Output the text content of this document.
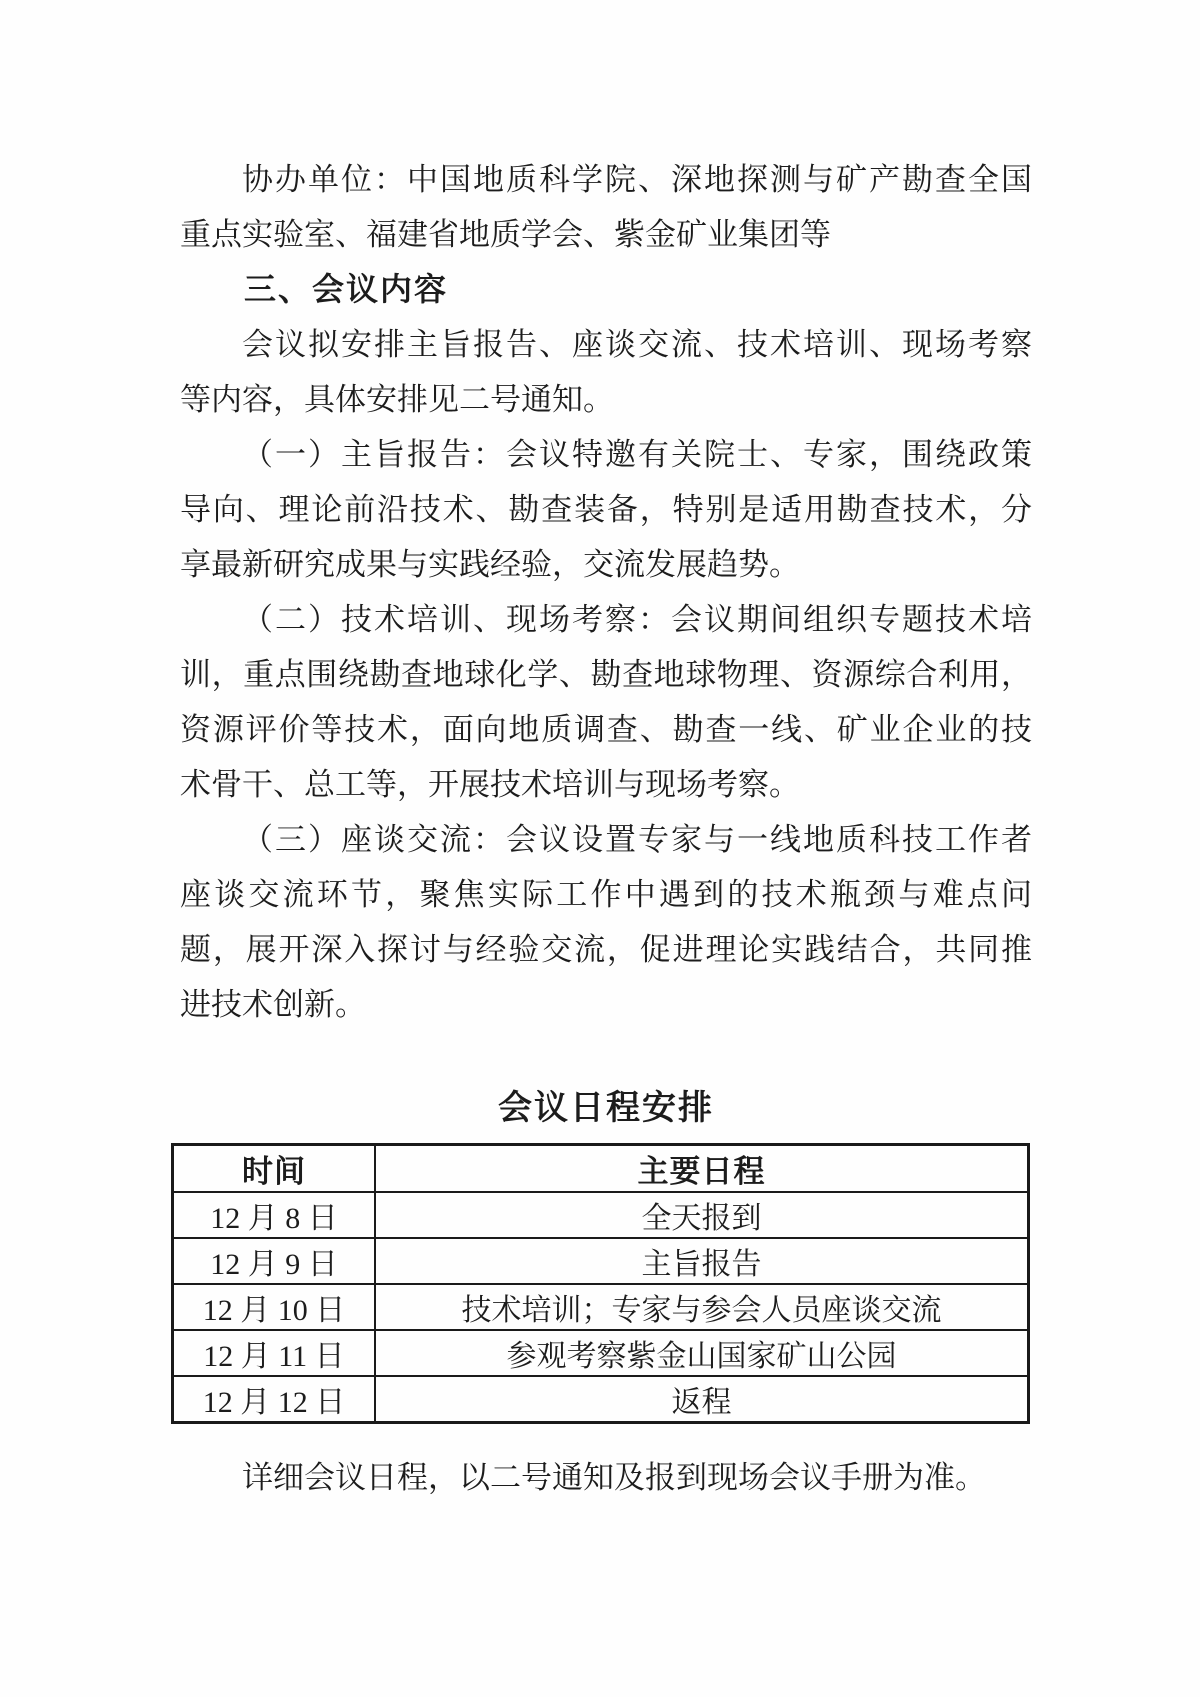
协办单位：中国地质科学院、深地探测与矿产勘查全国
重点实验室、福建省地质学会、紫金矿业集团等
三、会议内容
会议拟安排主旨报告、座谈交流、技术培训、现场考察
等内容，具体安排见二号通知。
（一）主旨报告：会议特邀有关院士、专家，围绕政策
导向、理论前沿技术、勘查装备，特别是适用勘查技术，分
享最新研究成果与实践经验，交流发展趋势。
（二）技术培训、现场考察：会议期间组织专题技术培
训，重点围绕勘查地球化学、勘查地球物理、资源综合利用，
资源评价等技术，面向地质调查、勘查一线、矿业企业的技
术骨干、总工等，开展技术培训与现场考察。
（三）座谈交流：会议设置专家与一线地质科技工作者
座谈交流环节，聚焦实际工作中遇到的技术瓶颈与难点问
题，展开深入探讨与经验交流，促进理论实践结合，共同推
进技术创新。
会议日程安排
时间	主要日程
12 月 8 日	全天报到
12 月 9 日	主旨报告
12 月 10 日	技术培训；专家与参会人员座谈交流
12 月 11 日	参观考察紫金山国家矿山公园
12 月 12 日	返程
详细会议日程，以二号通知及报到现场会议手册为准。
